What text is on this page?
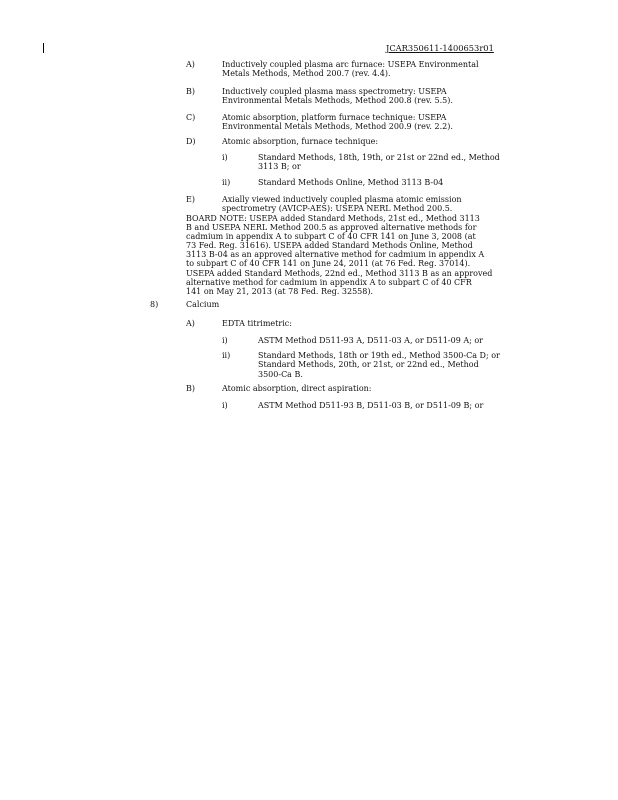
JCAR350611-1400653r01
A)	Inductively coupled plasma arc furnace: USEPA Environmental
Metals Methods, Method 200.7 (rev. 4.4).
B)	Inductively coupled plasma mass spectrometry: USEPA
Environmental Metals Methods, Method 200.8 (rev. 5.5).
C)	Atomic absorption, platform furnace technique: USEPA
Environmental Metals Methods, Method 200.9 (rev. 2.2).
D)	Atomic absorption, furnace technique:
i)	Standard Methods, 18th, 19th, or 21st or 22nd ed., Method
3113 B; or
ii)	Standard Methods Online, Method 3113 B-04
E)	Axially viewed inductively coupled plasma atomic emission
spectrometry (AVICP-AES): USEPA NERL Method 200.5.
BOARD NOTE: USEPA added Standard Methods, 21st ed., Method 3113
B and USEPA NERL Method 200.5 as approved alternative methods for
cadmium in appendix A to subpart C of 40 CFR 141 on June 3, 2008 (at
73 Fed. Reg. 31616). USEPA added Standard Methods Online, Method
3113 B-04 as an approved alternative method for cadmium in appendix A
to subpart C of 40 CFR 141 on June 24, 2011 (at 76 Fed. Reg. 37014).
USEPA added Standard Methods, 22nd ed., Method 3113 B as an approved
alternative method for cadmium in appendix A to subpart C of 40 CFR
141 on May 21, 2013 (at 78 Fed. Reg. 32558).
8)	Calcium
A)	EDTA titrimetric:
i)	ASTM Method D511-93 A, D511-03 A, or D511-09 A; or
ii)	Standard Methods, 18th or 19th ed., Method 3500-Ca D; or
Standard Methods, 20th, or 21st, or 22nd ed., Method
3500-Ca B.
B)	Atomic absorption, direct aspiration:
i)	ASTM Method D511-93 B, D511-03 B, or D511-09 B; or
